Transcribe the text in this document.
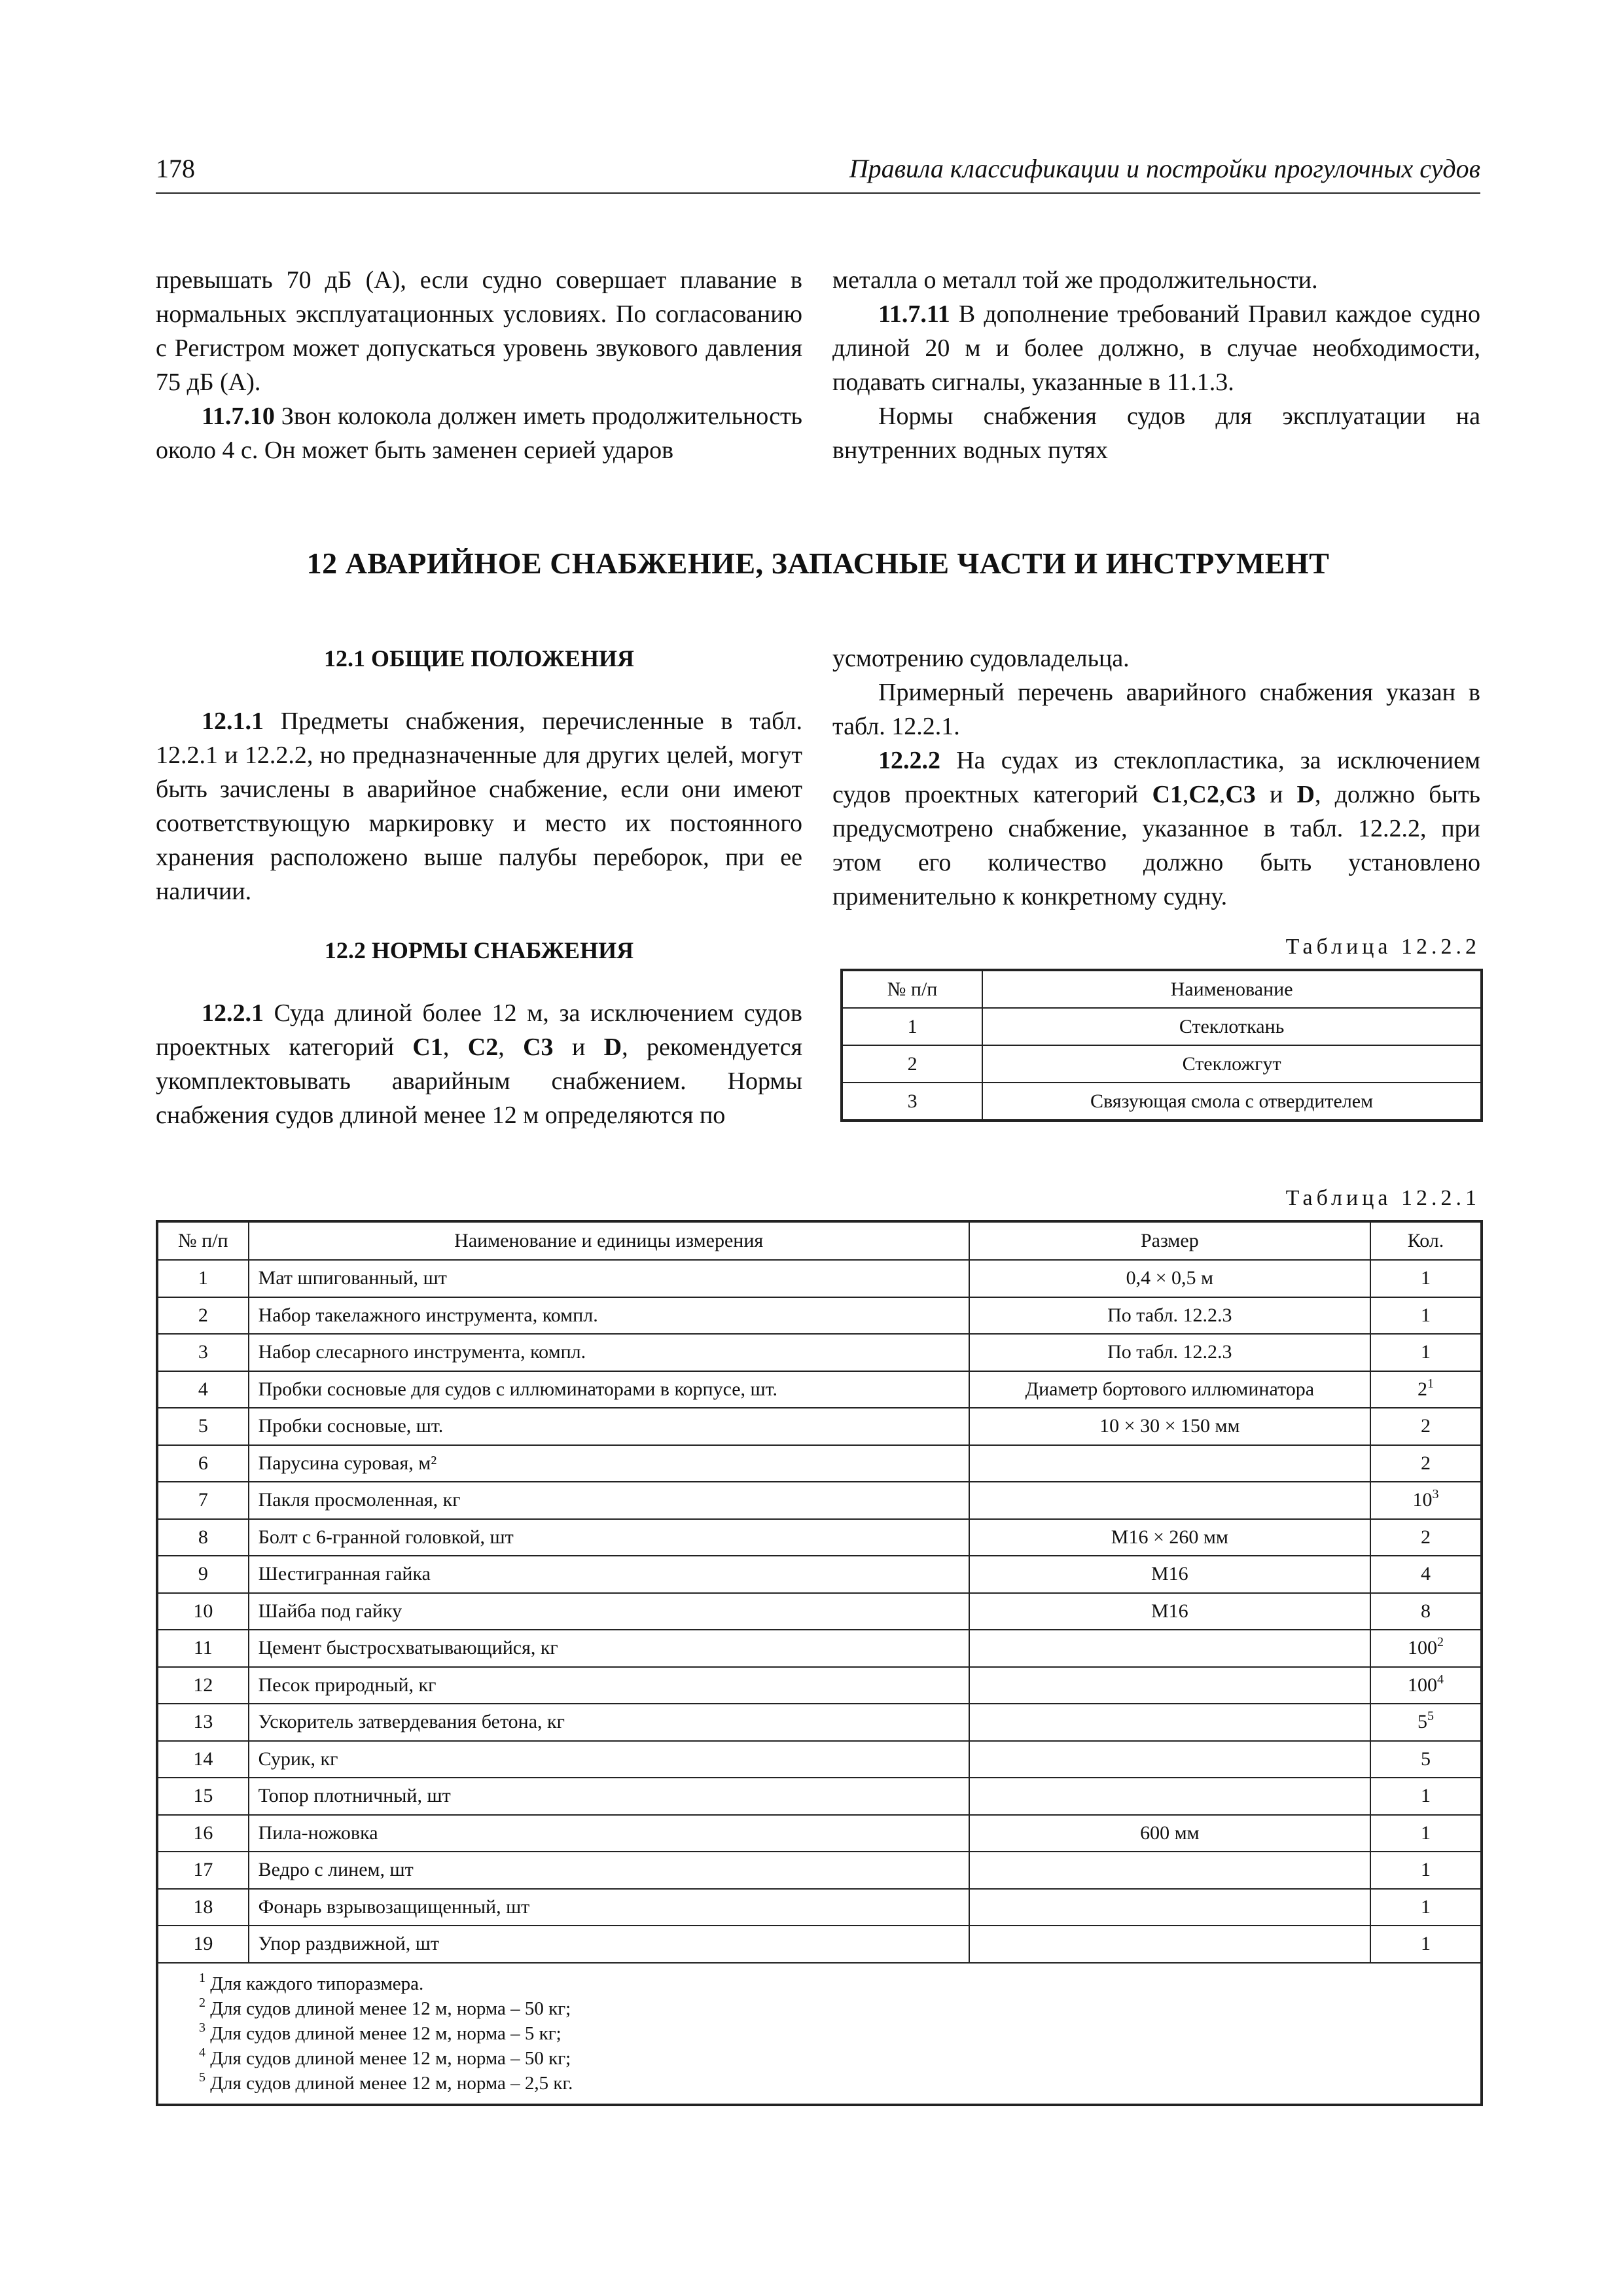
178	Правила классификации и постройки прогулочных судов

превышать 70 дБ (А), если судно совершает плавание в нормальных эксплуатационных условиях. По согласованию с Регистром может допускаться уровень звукового давления 75 дБ (А).

11.7.10 Звон колокола должен иметь продолжительность около 4 с. Он может быть заменен серией ударов

металла о металл той же продолжительности.

11.7.11 В дополнение требований Правил каждое судно длиной 20 м и более должно, в случае необходимости, подавать сигналы, указанные в 11.1.3.

Нормы снабжения судов для эксплуатации на внутренних водных путях

12 АВАРИЙНОЕ СНАБЖЕНИЕ, ЗАПАСНЫЕ ЧАСТИ И ИНСТРУМЕНТ

12.1 ОБЩИЕ ПОЛОЖЕНИЯ

12.1.1 Предметы снабжения, перечисленные в табл. 12.2.1 и 12.2.2, но предназначенные для других целей, могут быть зачислены в аварийное снабжение, если они имеют соответствующую маркировку и место их постоянного хранения расположено выше палубы переборок, при ее наличии.

12.2 НОРМЫ СНАБЖЕНИЯ

12.2.1 Суда длиной более 12 м, за исключением судов проектных категорий C1, C2, C3 и D, рекомендуется укомплектовывать аварийным снабжением. Нормы снабжения судов длиной менее 12 м определяются по

усмотрению судовладельца.

Примерный перечень аварийного снабжения указан в табл. 12.2.1.

12.2.2 На судах из стеклопластика, за исключением судов проектных категорий C1,C2,C3 и D, должно быть предусмотрено снабжение, указанное в табл. 12.2.2, при этом его количество должно быть установлено применительно к конкретному судну.

Таблица 12.2.2
№ п/п	Наименование
1	Стеклоткань
2	Стекложгут
3	Связующая смола с отвердителем
Таблица 12.2.1
№ п/п	Наименование и единицы измерения	Размер	Кол.
1	Мат шпигованный, шт	0,4 × 0,5 м	1
2	Набор такелажного инструмента, компл.	По табл. 12.2.3	1
3	Набор слесарного инструмента, компл.	По табл. 12.2.3	1
4	Пробки сосновые для судов с иллюминаторами в корпусе, шт.	Диаметр бортового иллюминатора	$2^1$
5	Пробки сосновые, шт.	10 × 30 × 150 мм	2
6	Парусина суровая, м²		2
7	Пакля просмоленная, кг		$10^3$
8	Болт с 6-гранной головкой, шт	М16 × 260 мм	2
9	Шестигранная гайка	М16	4
10	Шайба под гайку	М16	8
11	Цемент быстросхватывающийся, кг		$100^2$
12	Песок природный, кг		$100^4$
13	Ускоритель затвердевания бетона, кг		$5^5$
14	Сурик, кг		5
15	Топор плотничный, шт		1
16	Пила-ножовка	600 мм	1
17	Ведро с линем, шт		1
18	Фонарь взрывозащищенный, шт		1
19	Упор раздвижной, шт		1

$^1$ Для каждого типоразмера.
$^2$ Для судов длиной менее 12 м, норма – 50 кг;
$^3$ Для судов длиной менее 12 м, норма – 5 кг;
$^4$ Для судов длиной менее 12 м, норма – 50 кг;
$^5$ Для судов длиной менее 12 м, норма – 2,5 кг.			
